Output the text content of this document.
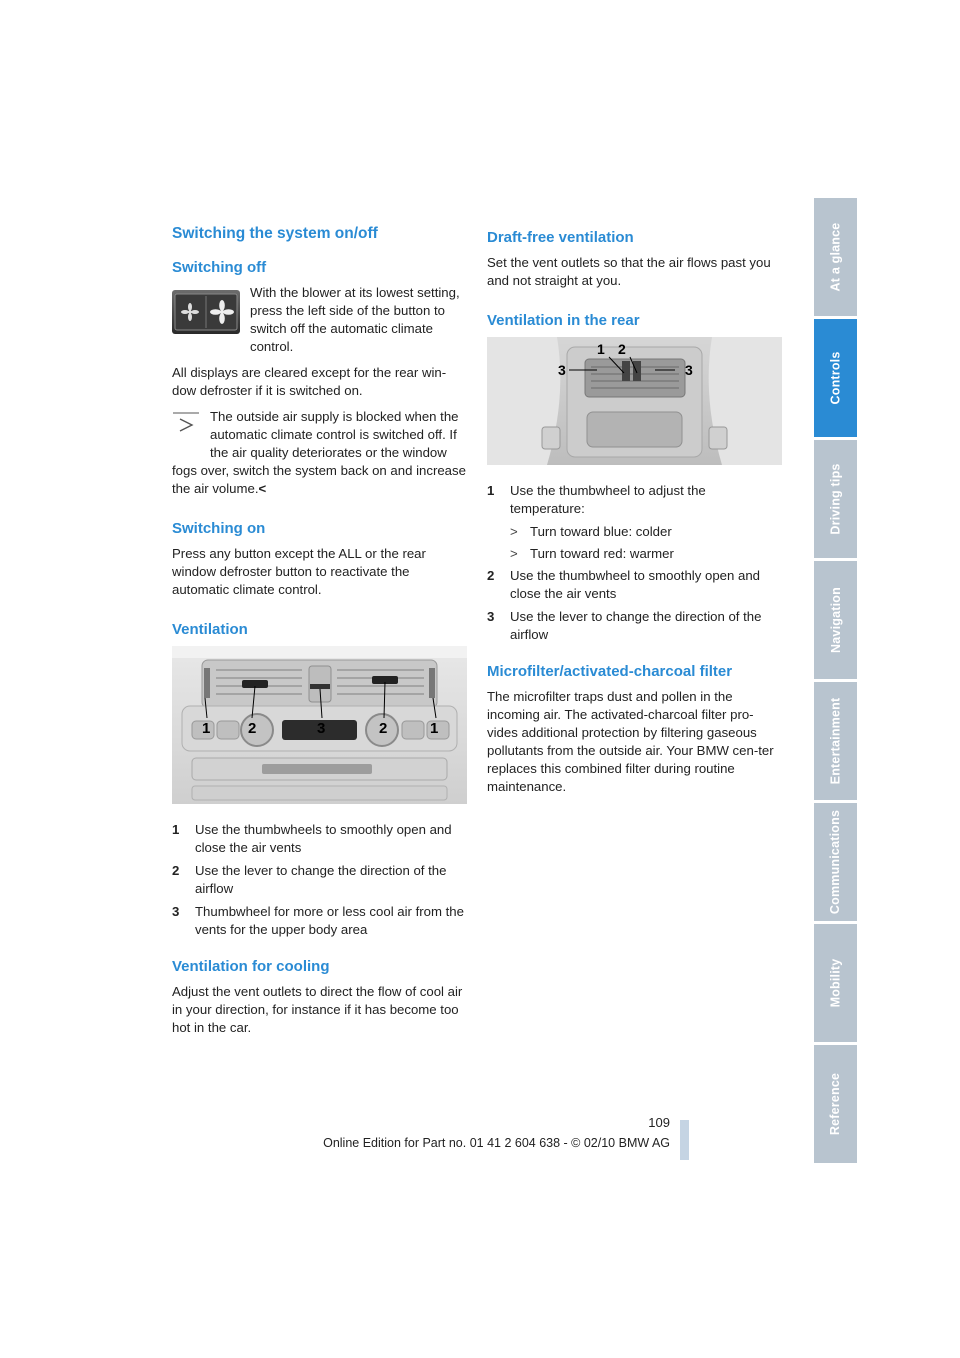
Switching the system on/off
Switching off

With the blower at its lowest setting, press the left side of the button to switch off the automatic climate control.

All displays are cleared except for the rear win-dow defroster if it is switched on.

The outside air supply is blocked when the automatic climate control is switched off. If the air quality deteriorates or the window fogs over, switch the system back on and increase the air volume.<

Switching on

Press any button except the ALL or the rear window defroster button to reactivate the automatic climate control.

Ventilation
1	2	3	2	1
1	Use the thumbwheels to smoothly open and close the air vents
2	Use the lever to change the direction of the airflow
3	Thumbwheel for more or less cool air from the vents for the upper body area
Ventilation for cooling

Adjust the vent outlets to direct the flow of cool air in your direction, for instance if it has become too hot in the car.

Draft-free ventilation

Set the vent outlets so that the air flows past you and not straight at you.

Ventilation in the rear
1 2
3	3
1	Use the thumbwheel to adjust the temperature:
> Turn toward blue: colder
> Turn toward red: warmer
2	Use the thumbwheel to smoothly open and close the air vents
3	Use the lever to change the direction of the airflow
Microfilter/activated-charcoal filter

The microfilter traps dust and pollen in the incoming air. The activated-charcoal filter pro-vides additional protection by filtering gaseous pollutants from the outside air. Your BMW cen-ter replaces this combined filter during routine maintenance.

At a glance
Controls
Driving tips
Navigation
Entertainment
Communications
Mobility
Reference
109
Online Edition for Part no. 01 41 2 604 638 - © 02/10 BMW AG
